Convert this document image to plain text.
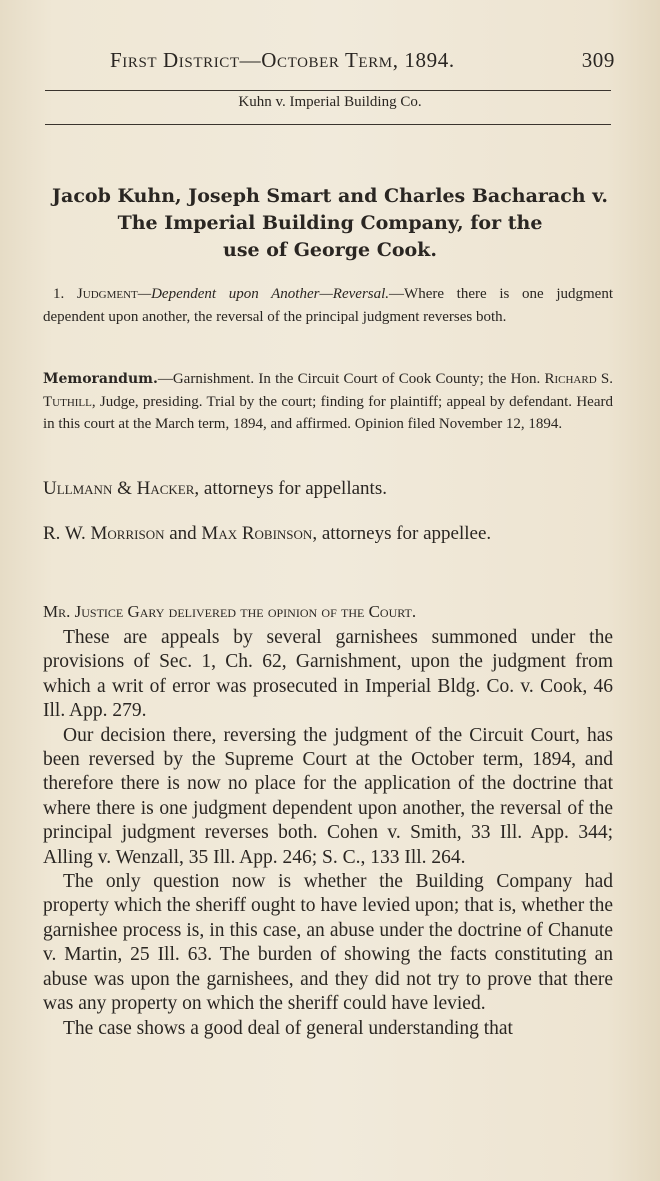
First District—October Term, 1894.	309
Kuhn v. Imperial Building Co.
Jacob Kuhn, Joseph Smart and Charles Bacharach v.
The Imperial Building Company, for the
use of George Cook.
1. Judgment—Dependent upon Another—Reversal.—Where there is one judgment dependent upon another, the reversal of the principal judgment reverses both.
Memorandum.—Garnishment. In the Circuit Court of Cook County; the Hon. Richard S. Tuthill, Judge, presiding. Trial by the court; finding for plaintiff; appeal by defendant. Heard in this court at the March term, 1894, and affirmed. Opinion filed November 12, 1894.
Ullmann & Hacker, attorneys for appellants.
R. W. Morrison and Max Robinson, attorneys for appellee.
Mr. Justice Gary delivered the opinion of the Court.

These are appeals by several garnishees summoned under the provisions of Sec. 1, Ch. 62, Garnishment, upon the judgment from which a writ of error was prosecuted in Imperial Bldg. Co. v. Cook, 46 Ill. App. 279.

Our decision there, reversing the judgment of the Circuit Court, has been reversed by the Supreme Court at the October term, 1894, and therefore there is now no place for the application of the doctrine that where there is one judgment dependent upon another, the reversal of the principal judgment reverses both. Cohen v. Smith, 33 Ill. App. 344; Alling v. Wenzall, 35 Ill. App. 246; S. C., 133 Ill. 264.

The only question now is whether the Building Company had property which the sheriff ought to have levied upon; that is, whether the garnishee process is, in this case, an abuse under the doctrine of Chanute v. Martin, 25 Ill. 63. The burden of showing the facts constituting an abuse was upon the garnishees, and they did not try to prove that there was any property on which the sheriff could have levied.

The case shows a good deal of general understanding that
